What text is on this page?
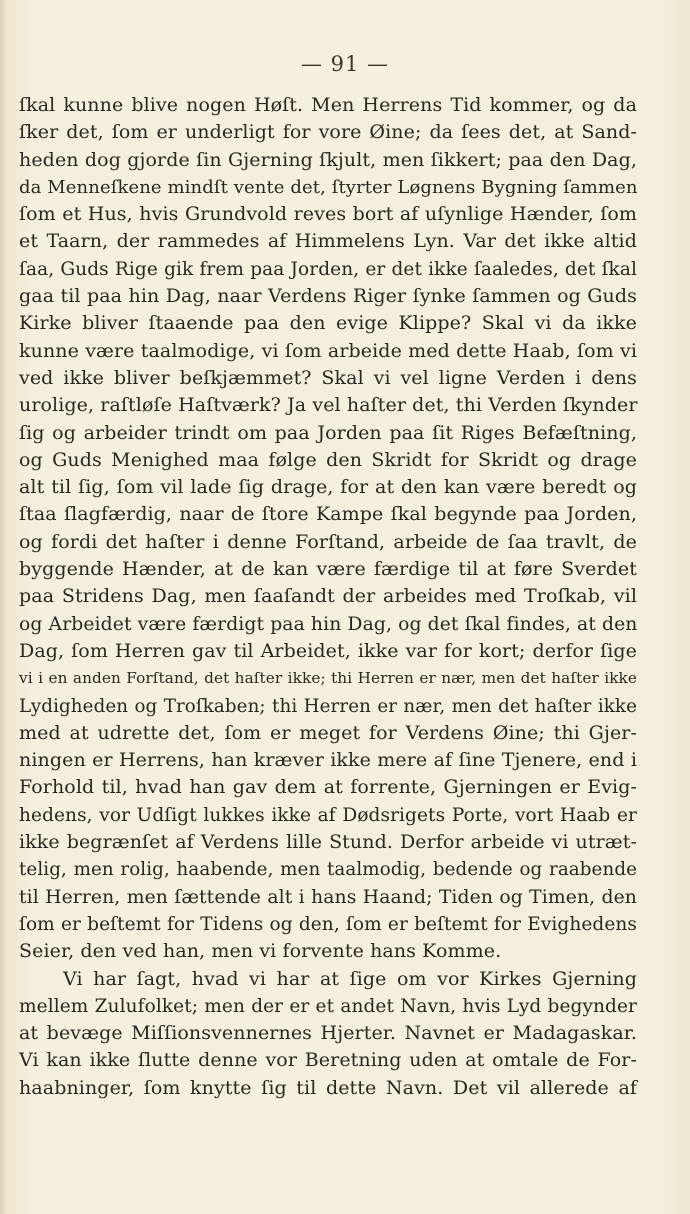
— 91 —
ſkal kunne blive nogen Høſt. Men Herrens Tid kommer, og da
ſker det, ſom er underligt for vore Øine; da ſees det, at Sand-
heden dog gjorde ſin Gjerning ſkjult, men ſikkert; paa den Dag,
da Menneſkene mindſt vente det, ſtyrter Løgnens Bygning ſammen
ſom et Hus, hvis Grundvold reves bort af uſynlige Hænder, ſom
et Taarn, der rammedes af Himmelens Lyn. Var det ikke altid
ſaa, Guds Rige gik frem paa Jorden, er det ikke ſaaledes, det ſkal
gaa til paa hin Dag, naar Verdens Riger ſynke ſammen og Guds
Kirke bliver ſtaaende paa den evige Klippe? Skal vi da ikke
kunne være taalmodige, vi ſom arbeide med dette Haab, ſom vi
ved ikke bliver beſkjæmmet? Skal vi vel ligne Verden i dens
urolige, raſtløſe Haſtværk? Ja vel haſter det, thi Verden ſkynder
ſig og arbeider trindt om paa Jorden paa ſit Riges Befæſtning,
og Guds Menighed maa følge den Skridt for Skridt og drage
alt til ſig, ſom vil lade ſig drage, for at den kan være beredt og
ſtaa ſlagfærdig, naar de ſtore Kampe ſkal begynde paa Jorden,
og fordi det haſter i denne Forſtand, arbeide de ſaa travlt, de
byggende Hænder, at de kan være færdige til at føre Sverdet
paa Stridens Dag, men ſaaſandt der arbeides med Troſkab, vil
og Arbeidet være færdigt paa hin Dag, og det ſkal findes, at den
Dag, ſom Herren gav til Arbeidet, ikke var for kort; derfor ſige
vi i en anden Forſtand, det haſter ikke; thi Herren er nær, men det haſter ikke
Lydigheden og Troſkaben; thi Herren er nær, men det haſter ikke
med at udrette det, ſom er meget for Verdens Øine; thi Gjer-
ningen er Herrens, han kræver ikke mere af ſine Tjenere, end i
Forhold til, hvad han gav dem at forrente, Gjerningen er Evig-
hedens, vor Udſigt lukkes ikke af Dødsrigets Porte, vort Haab er
ikke begrænſet af Verdens lille Stund. Derfor arbeide vi utræt-
telig, men rolig, haabende, men taalmodig, bedende og raabende
til Herren, men ſættende alt i hans Haand; Tiden og Timen, den
ſom er beſtemt for Tidens og den, ſom er beſtemt for Evighedens
Seier, den ved han, men vi forvente hans Komme.
Vi har ſagt, hvad vi har at ſige om vor Kirkes Gjerning
mellem Zulufolket; men der er et andet Navn, hvis Lyd begynder
at bevæge Miſſionsvennernes Hjerter. Navnet er Madagaskar.
Vi kan ikke ſlutte denne vor Beretning uden at omtale de For-
haabninger, ſom knytte ſig til dette Navn. Det vil allerede af
